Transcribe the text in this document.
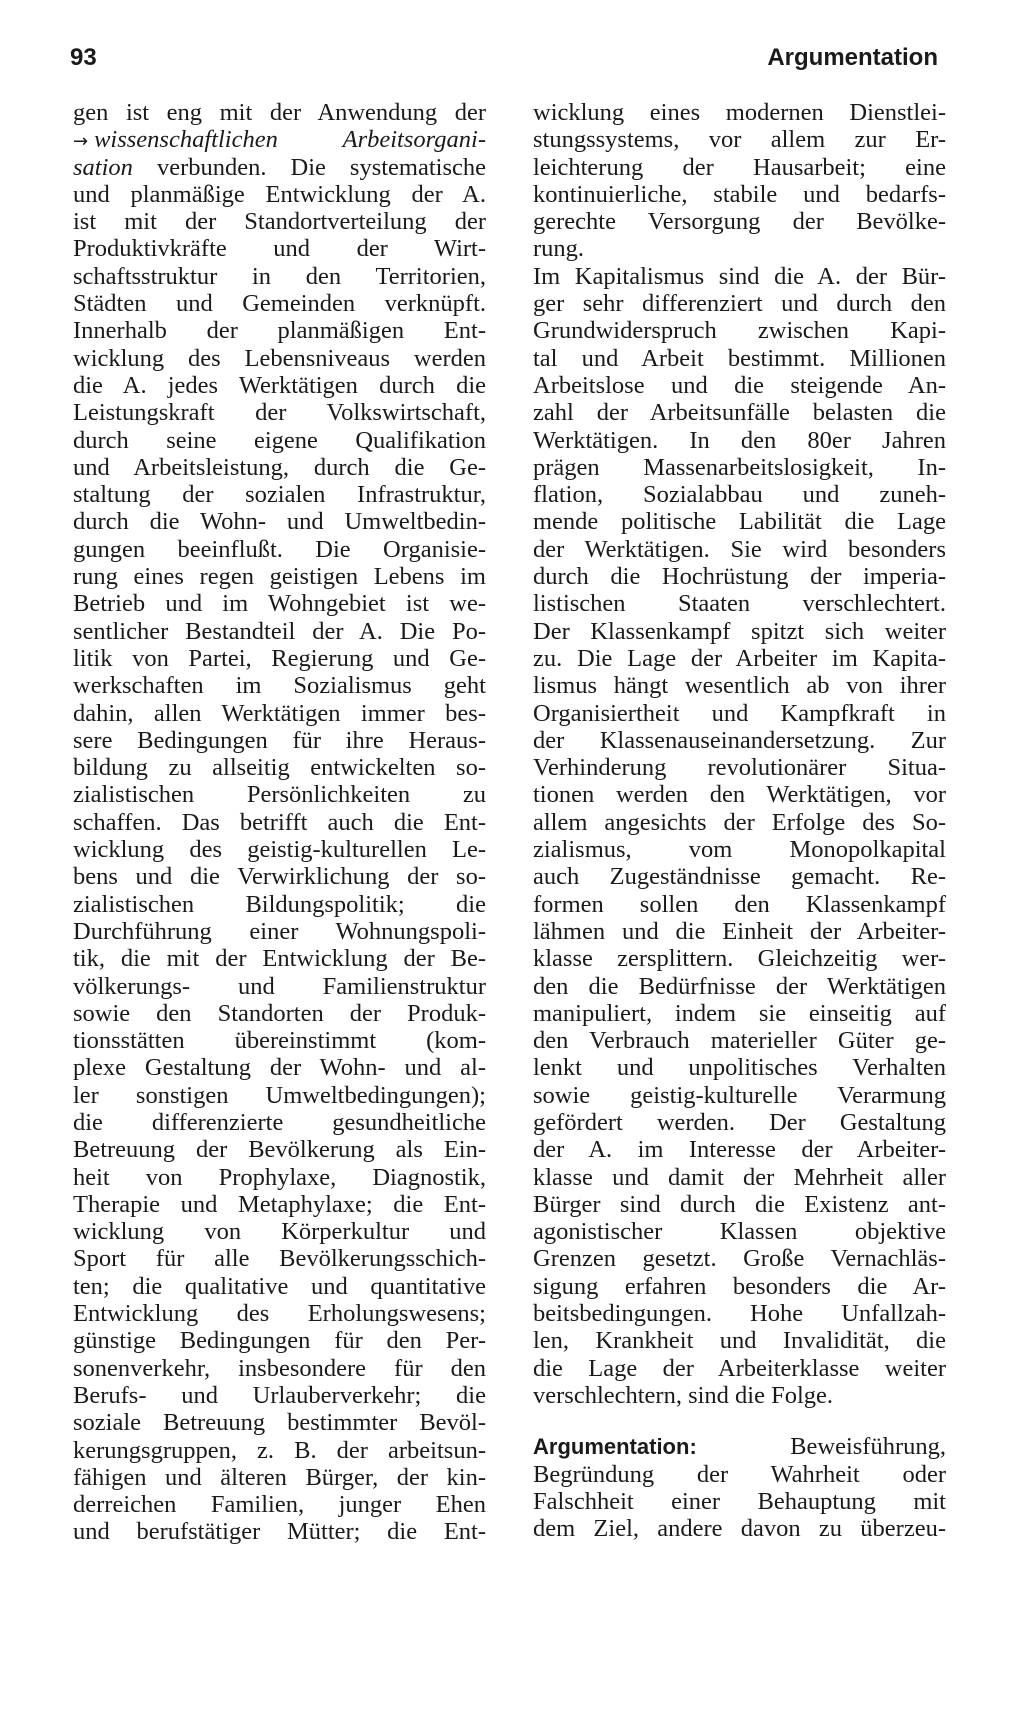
93	Argumentation
gen ist eng mit der Anwendung der
→ wissenschaftlichen Arbeitsorgani-
sation verbunden. Die systematische
und planmäßige Entwicklung der A.
ist mit der Standortverteilung der
Produktivkräfte und der Wirt-
schaftsstruktur in den Territorien,
Städten und Gemeinden verknüpft.
Innerhalb der planmäßigen Ent-
wicklung des Lebensniveaus werden
die A. jedes Werktätigen durch die
Leistungskraft der Volkswirtschaft,
durch seine eigene Qualifikation
und Arbeitsleistung, durch die Ge-
staltung der sozialen Infrastruktur,
durch die Wohn- und Umweltbedin-
gungen beeinflußt. Die Organisie-
rung eines regen geistigen Lebens im
Betrieb und im Wohngebiet ist we-
sentlicher Bestandteil der A. Die Po-
litik von Partei, Regierung und Ge-
werkschaften im Sozialismus geht
dahin, allen Werktätigen immer bes-
sere Bedingungen für ihre Heraus-
bildung zu allseitig entwickelten so-
zialistischen Persönlichkeiten zu
schaffen. Das betrifft auch die Ent-
wicklung des geistig-kulturellen Le-
bens und die Verwirklichung der so-
zialistischen Bildungspolitik; die
Durchführung einer Wohnungspoli-
tik, die mit der Entwicklung der Be-
völkerungs- und Familienstruktur
sowie den Standorten der Produk-
tionsstätten übereinstimmt (kom-
plexe Gestaltung der Wohn- und al-
ler sonstigen Umweltbedingungen);
die differenzierte gesundheitliche
Betreuung der Bevölkerung als Ein-
heit von Prophylaxe, Diagnostik,
Therapie und Metaphylaxe; die Ent-
wicklung von Körperkultur und
Sport für alle Bevölkerungsschich-
ten; die qualitative und quantitative
Entwicklung des Erholungswesens;
günstige Bedingungen für den Per-
sonenverkehr, insbesondere für den
Berufs- und Urlauberverkehr; die
soziale Betreuung bestimmter Bevöl-
kerungsgruppen, z. B. der arbeitsun-
fähigen und älteren Bürger, der kin-
derreichen Familien, junger Ehen
und berufstätiger Mütter; die Ent-
wicklung eines modernen Dienstlei-
stungssystems, vor allem zur Er-
leichterung der Hausarbeit; eine
kontinuierliche, stabile und bedarfs-
gerechte Versorgung der Bevölke-
rung.
Im Kapitalismus sind die A. der Bür-
ger sehr differenziert und durch den
Grundwiderspruch zwischen Kapi-
tal und Arbeit bestimmt. Millionen
Arbeitslose und die steigende An-
zahl der Arbeitsunfälle belasten die
Werktätigen. In den 80er Jahren
prägen Massenarbeitslosigkeit, In-
flation, Sozialabbau und zuneh-
mende politische Labilität die Lage
der Werktätigen. Sie wird besonders
durch die Hochrüstung der imperia-
listischen Staaten verschlechtert.
Der Klassenkampf spitzt sich weiter
zu. Die Lage der Arbeiter im Kapita-
lismus hängt wesentlich ab von ihrer
Organisiertheit und Kampfkraft in
der Klassenauseinandersetzung. Zur
Verhinderung revolutionärer Situa-
tionen werden den Werktätigen, vor
allem angesichts der Erfolge des So-
zialismus, vom Monopolkapital
auch Zugeständnisse gemacht. Re-
formen sollen den Klassenkampf
lähmen und die Einheit der Arbeiter-
klasse zersplittern. Gleichzeitig wer-
den die Bedürfnisse der Werktätigen
manipuliert, indem sie einseitig auf
den Verbrauch materieller Güter ge-
lenkt und unpolitisches Verhalten
sowie geistig-kulturelle Verarmung
gefördert werden. Der Gestaltung
der A. im Interesse der Arbeiter-
klasse und damit der Mehrheit aller
Bürger sind durch die Existenz ant-
agonistischer Klassen objektive
Grenzen gesetzt. Große Vernachläs-
sigung erfahren besonders die Ar-
beitsbedingungen. Hohe Unfallzah-
len, Krankheit und Invalidität, die
die Lage der Arbeiterklasse weiter
verschlechtern, sind die Folge.
Argumentation: Beweisführung,
Begründung der Wahrheit oder
Falschheit einer Behauptung mit
dem Ziel, andere davon zu überzeu-
